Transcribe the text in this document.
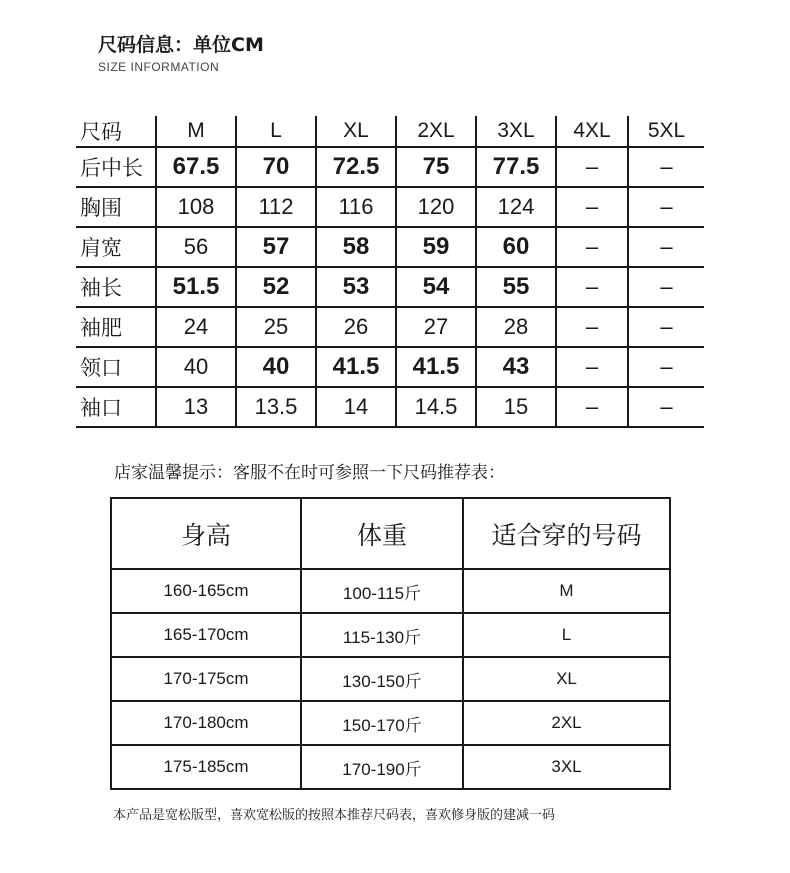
尺码信息：单位CM
SIZE INFORMATION
尺码	M	L	XL	2XL	3XL	4XL	5XL
后中长	67.5	70	72.5	75	77.5	–	–
胸围	108	112	116	120	124	–	–
肩宽	56	57	58	59	60	–	–
袖长	51.5	52	53	54	55	–	–
袖肥	24	25	26	27	28	–	–
领口	40	40	41.5	41.5	43	–	–
袖口	13	13.5	14	14.5	15	–	–
店家温馨提示：客服不在时可参照一下尺码推荐表：
身高	体重	适合穿的号码
160-165cm	100-115斤	M
165-170cm	115-130斤	L
170-175cm	130-150斤	XL
170-180cm	150-170斤	2XL
175-185cm	170-190斤	3XL
本产品是宽松版型，喜欢宽松版的按照本推荐尺码表，喜欢修身版的建减一码
